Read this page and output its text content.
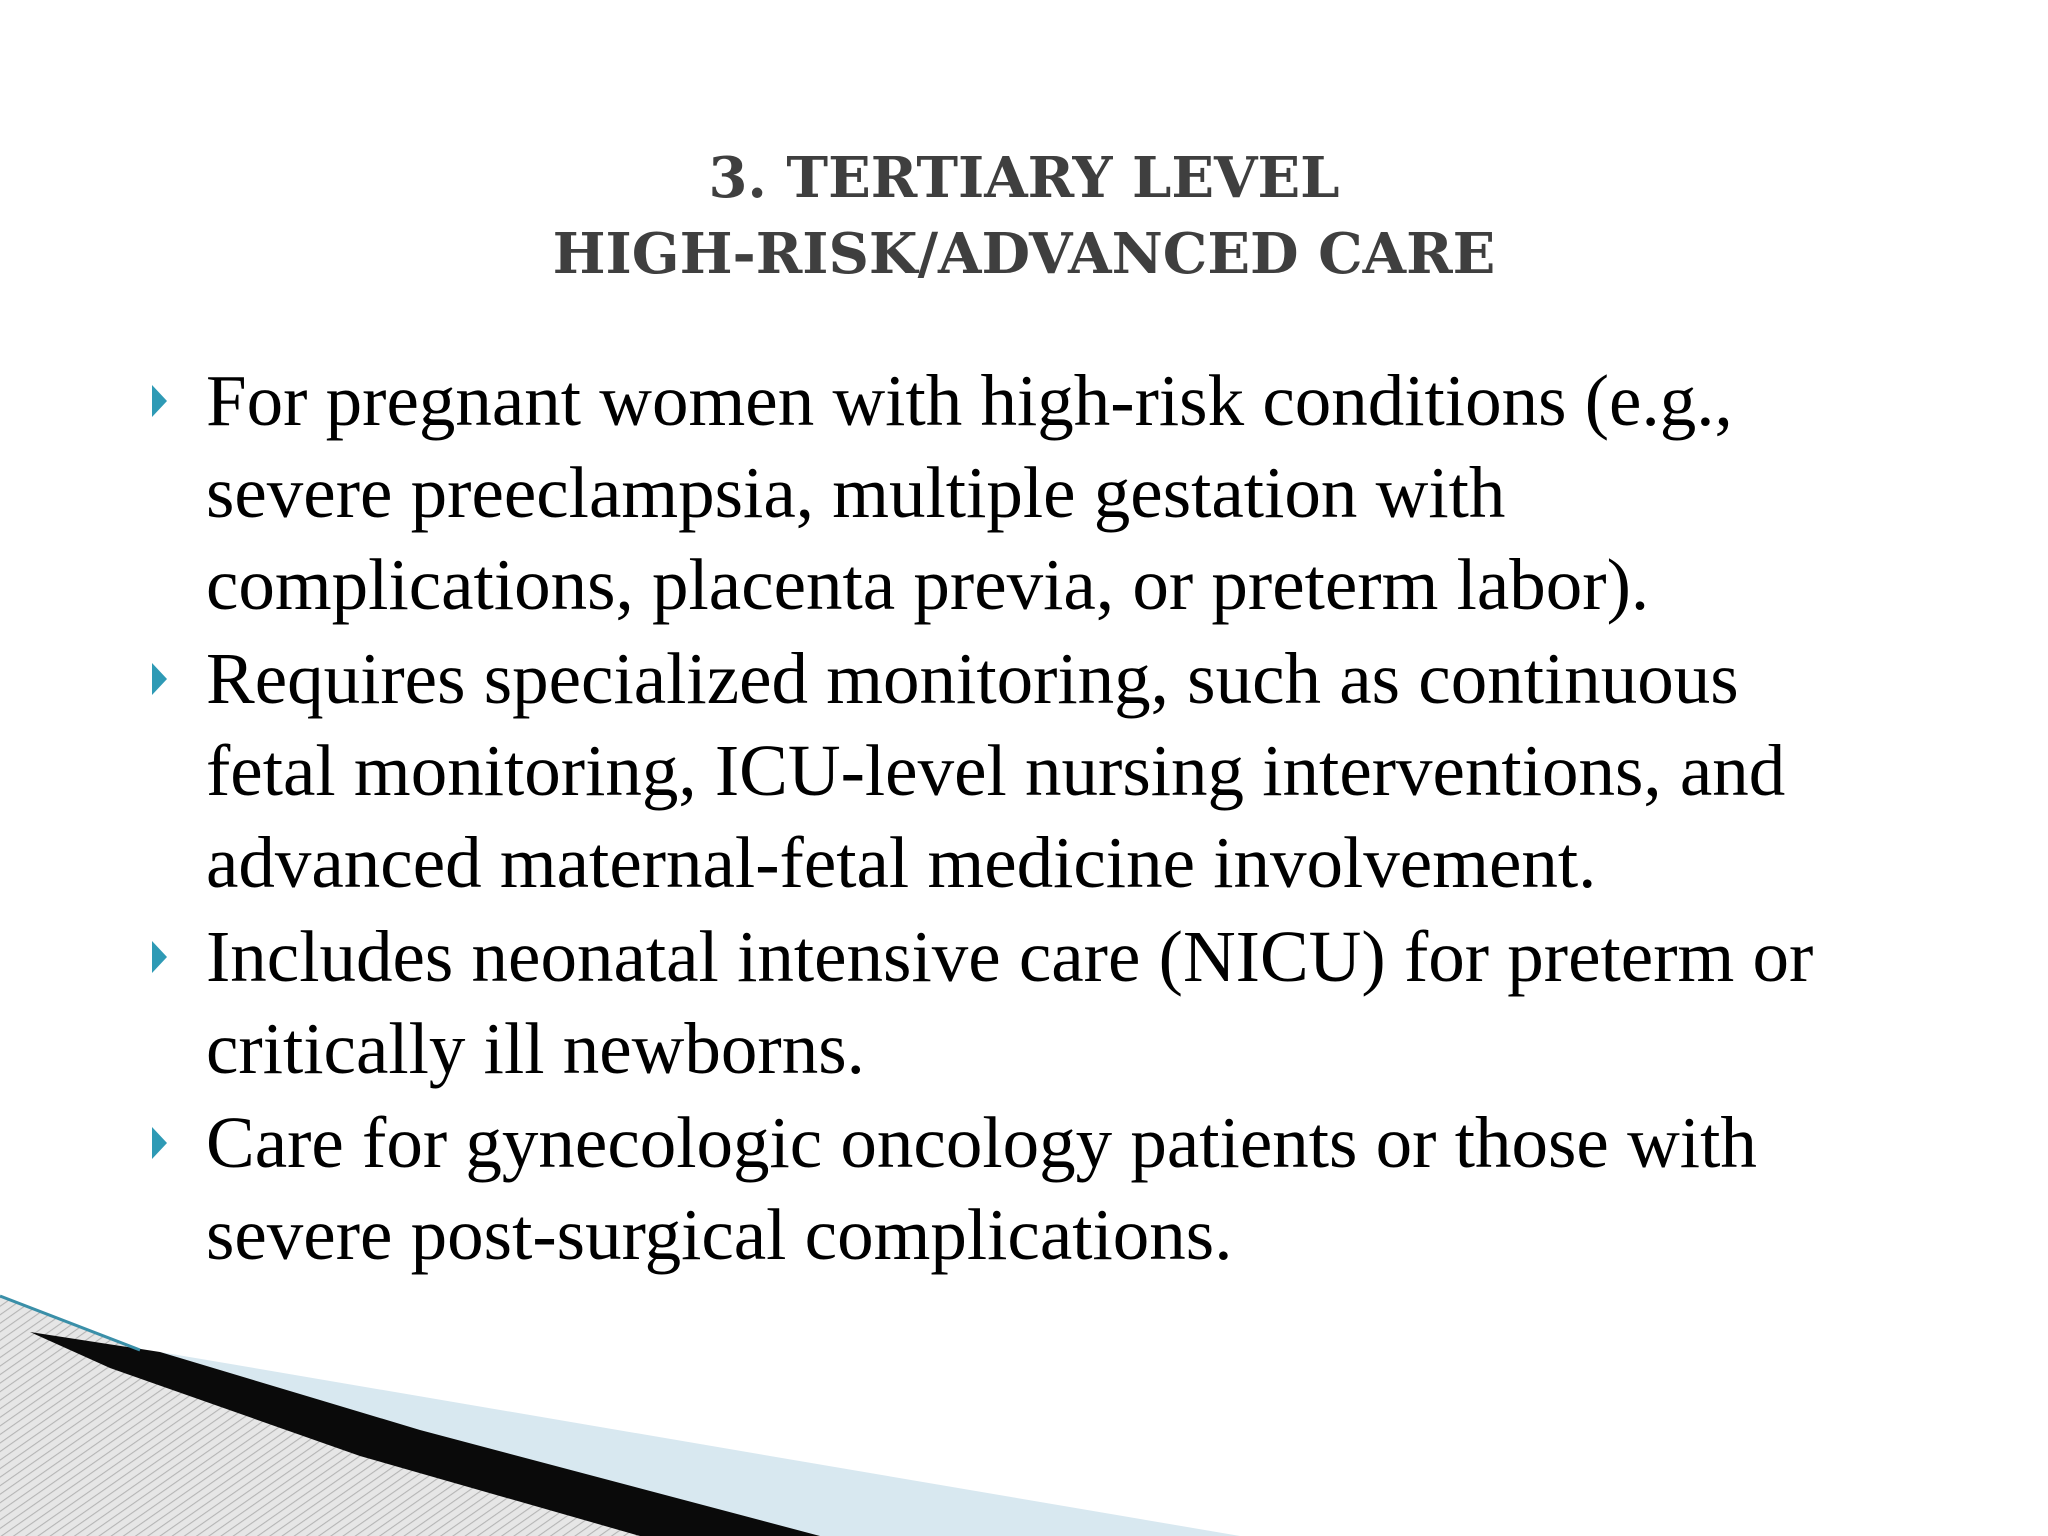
3. TERTIARY LEVEL
HIGH-RISK/ADVANCED CARE
For pregnant women with high-risk conditions (e.g.,
severe preeclampsia, multiple gestation with
complications, placenta previa, or preterm labor).
Requires specialized monitoring, such as continuous
fetal monitoring, ICU-level nursing interventions, and
advanced maternal-fetal medicine involvement.
Includes neonatal intensive care (NICU) for preterm or
critically ill newborns.
Care for gynecologic oncology patients or those with
severe post-surgical complications.
